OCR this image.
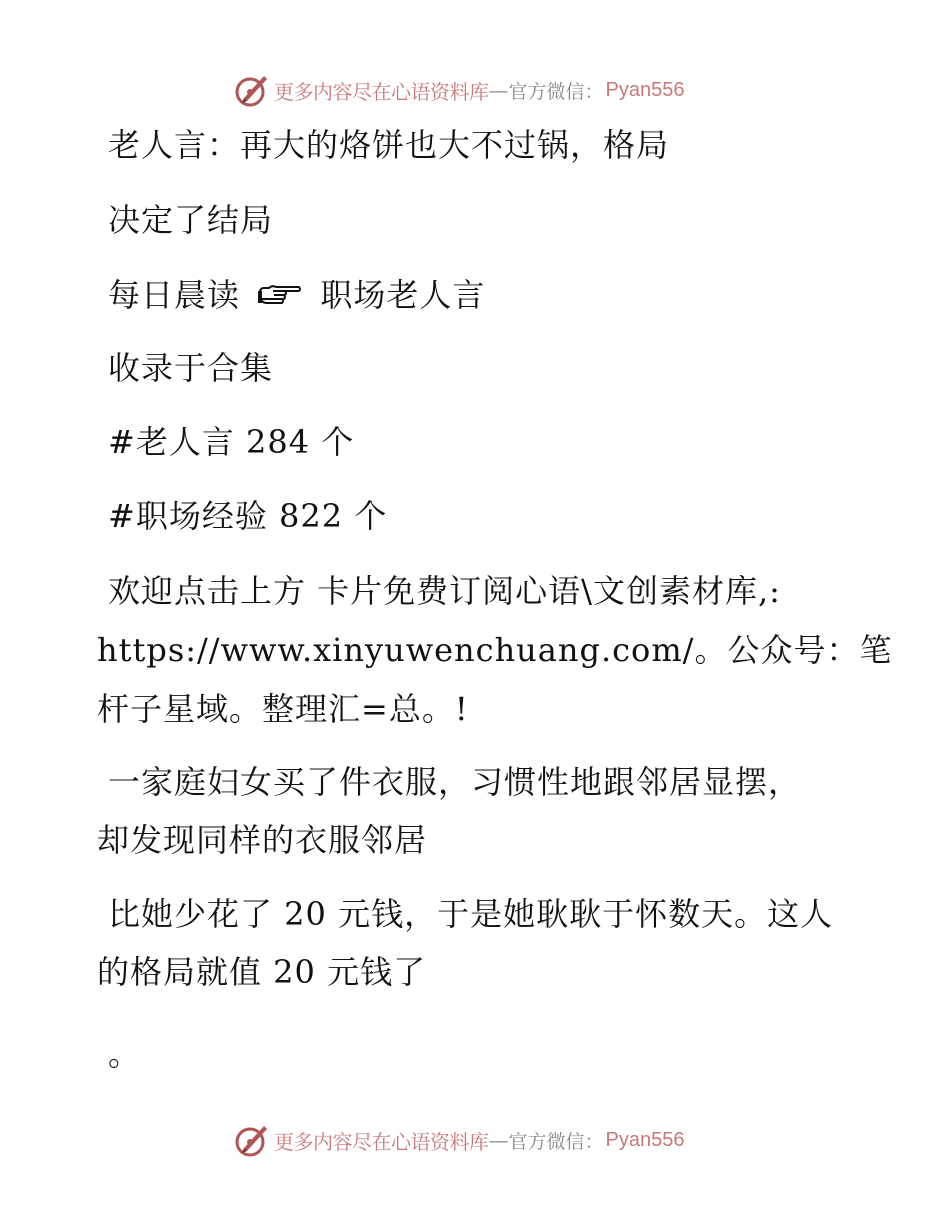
更多内容尽在心语资料库 — 官方微信： Pyan556
老人言：再大的烙饼也大不过锅，格局
决定了结局
每日晨读	职场老人言
收录于合集
#老人言 284 个
#职场经验 822 个
欢迎点击上方 卡片免费订阅心语\文创素材库,:
https://www.xinyuwenchuang.com/。公众号：笔
杆子星域。整理汇=总。!
一家庭妇女买了件衣服，习惯性地跟邻居显摆，
却发现同样的衣服邻居
比她少花了 20 元钱，于是她耿耿于怀数天。这人
的格局就值 20 元钱了
。
更多内容尽在心语资料库 — 官方微信： Pyan556
